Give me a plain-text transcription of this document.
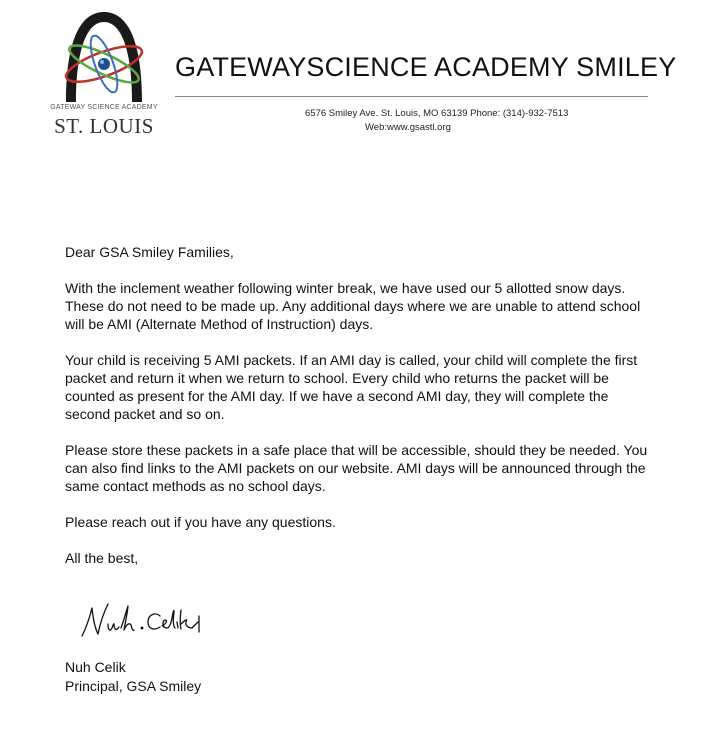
GATEWAY SCIENCE ACADEMY
ST. LOUIS
GATEWAYSCIENCE ACADEMY SMILEY
6576 Smiley Ave. St. Louis, MO 63139 Phone: (314)-932-7513
Web:www.gsastl.org

Dear GSA Smiley Families,

With the inclement weather following winter break, we have used our 5 allotted snow days. These do not need to be made up. Any additional days where we are unable to attend school will be AMI (Alternate Method of Instruction) days.

Your child is receiving 5 AMI packets. If an AMI day is called, your child will complete the first packet and return it when we return to school. Every child who returns the packet will be counted as present for the AMI day. If we have a second AMI day, they will complete the second packet and so on.

Please store these packets in a safe place that will be accessible, should they be needed. You can also find links to the AMI packets on our website. AMI days will be announced through the same contact methods as no school days.

Please reach out if you have any questions.

All the best,

Nuh Celik
Principal, GSA Smiley
